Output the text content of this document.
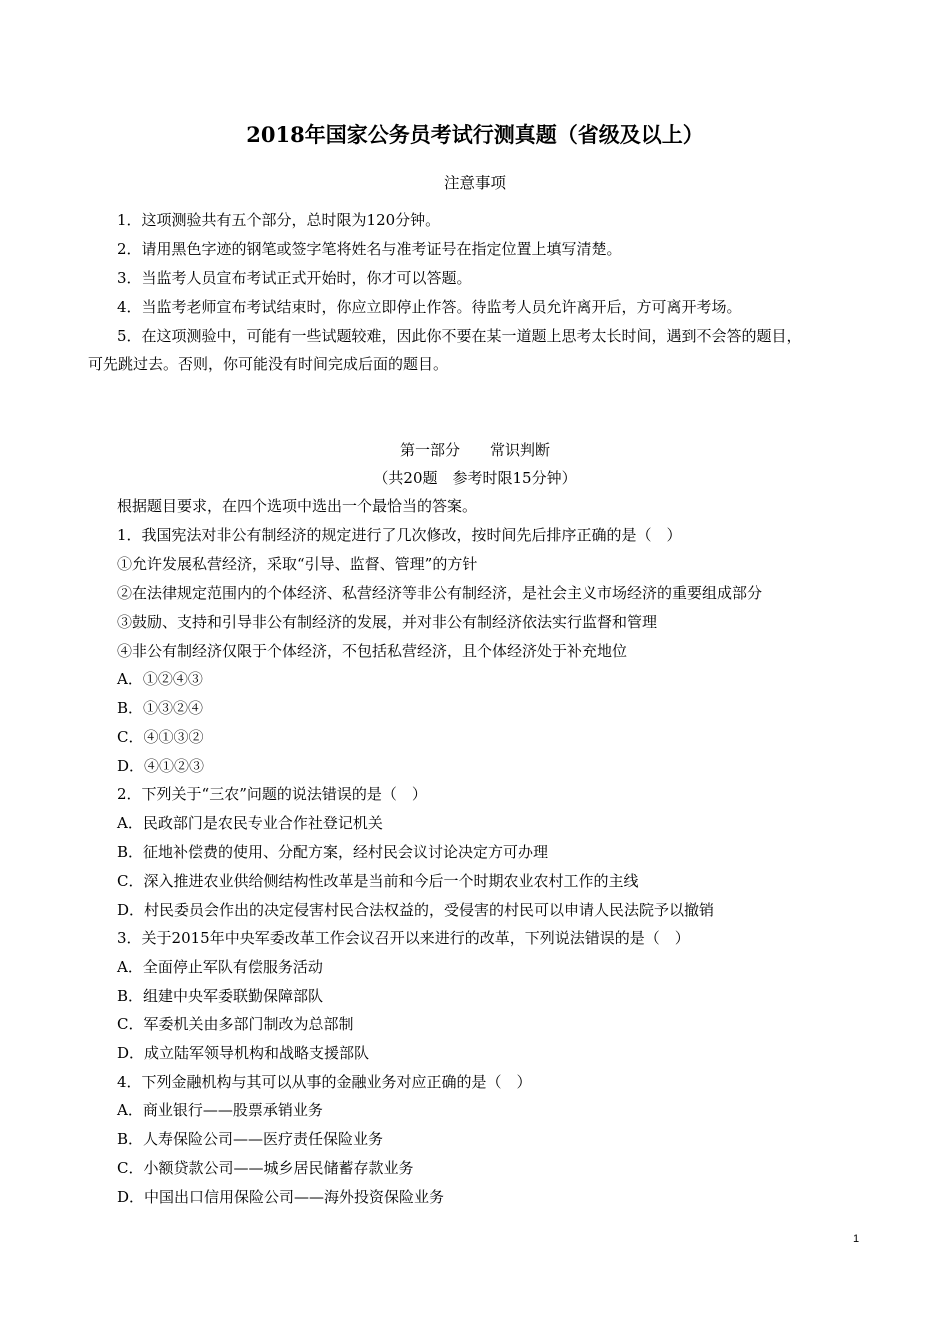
2018年国家公务员考试行测真题（省级及以上）
注意事项
1．这项测验共有五个部分，总时限为120分钟。
2．请用黑色字迹的钢笔或签字笔将姓名与准考证号在指定位置上填写清楚。
3．当监考人员宣布考试正式开始时，你才可以答题。
4．当监考老师宣布考试结束时，你应立即停止作答。待监考人员允许离开后，方可离开考场。
5．在这项测验中，可能有一些试题较难，因此你不要在某一道题上思考太长时间，遇到不会答的题目，
可先跳过去。否则，你可能没有时间完成后面的题目。
第一部分　　常识判断
（共20题　参考时限15分钟）
根据题目要求，在四个选项中选出一个最恰当的答案。
1．我国宪法对非公有制经济的规定进行了几次修改，按时间先后排序正确的是（　）
①允许发展私营经济，采取“引导、监督、管理”的方针
②在法律规定范围内的个体经济、私营经济等非公有制经济，是社会主义市场经济的重要组成部分
③鼓励、支持和引导非公有制经济的发展，并对非公有制经济依法实行监督和管理
④非公有制经济仅限于个体经济，不包括私营经济，且个体经济处于补充地位
A．①②④③
B．①③②④
C．④①③②
D．④①②③
2．下列关于“三农”问题的说法错误的是（　）
A．民政部门是农民专业合作社登记机关
B．征地补偿费的使用、分配方案，经村民会议讨论决定方可办理
C．深入推进农业供给侧结构性改革是当前和今后一个时期农业农村工作的主线
D．村民委员会作出的决定侵害村民合法权益的，受侵害的村民可以申请人民法院予以撤销
3．关于2015年中央军委改革工作会议召开以来进行的改革，下列说法错误的是（　）
A．全面停止军队有偿服务活动
B．组建中央军委联勤保障部队
C．军委机关由多部门制改为总部制
D．成立陆军领导机构和战略支援部队
4．下列金融机构与其可以从事的金融业务对应正确的是（　）
A．商业银行——股票承销业务
B．人寿保险公司——医疗责任保险业务
C．小额贷款公司——城乡居民储蓄存款业务
D．中国出口信用保险公司——海外投资保险业务
1
